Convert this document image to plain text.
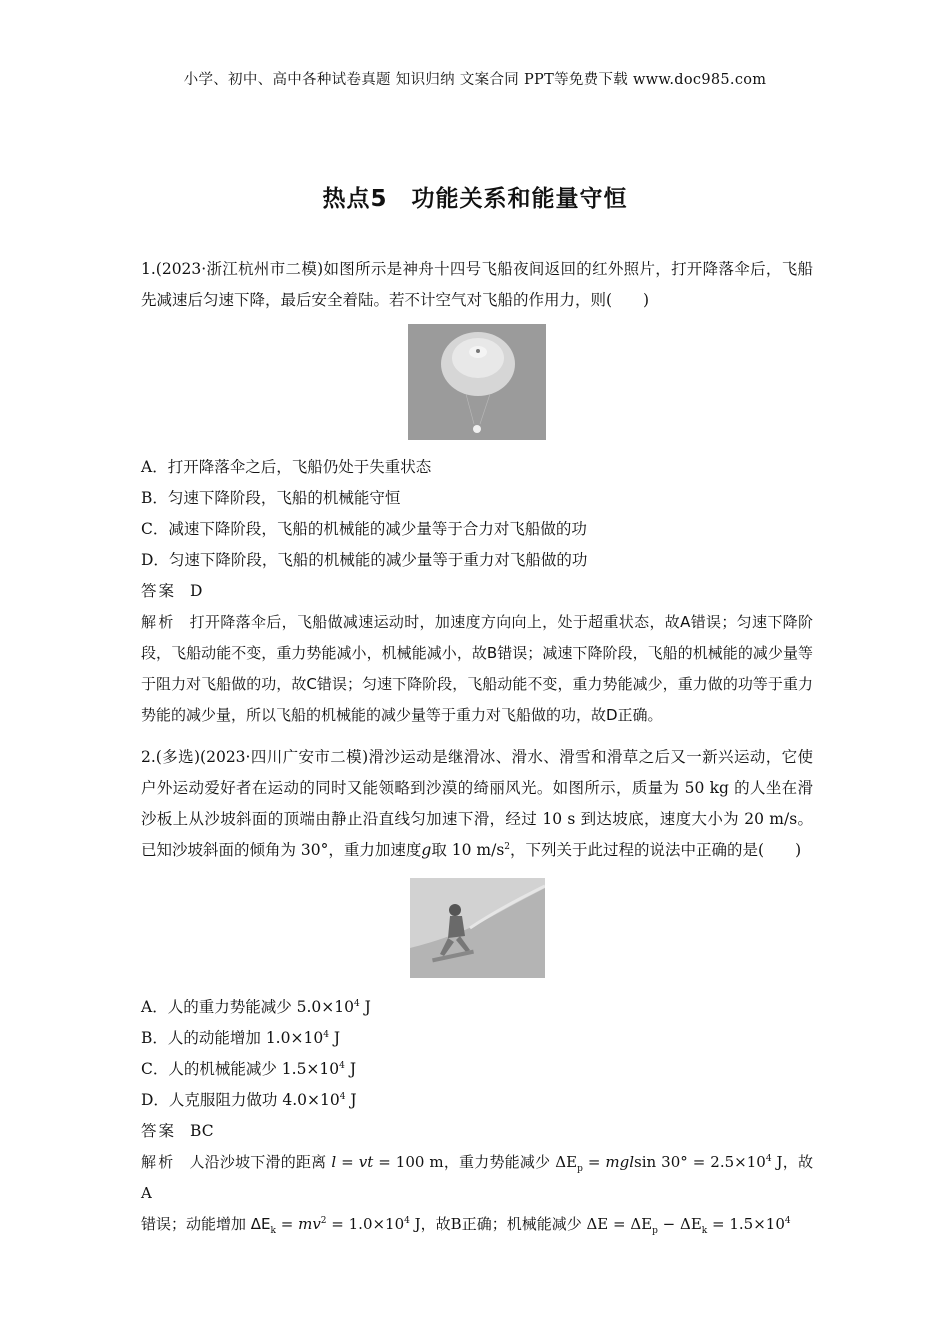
小学、初中、高中各种试卷真题 知识归纳 文案合同 PPT等免费下载 www.doc985.com
热点5　功能关系和能量守恒

1.(2023·浙江杭州市二模)如图所示是神舟十四号飞船夜间返回的红外照片，打开降落伞后，飞船先减速后匀速下降，最后安全着陆。若不计空气对飞船的作用力，则(　　)

A．打开降落伞之后，飞船仍处于失重状态

B．匀速下降阶段，飞船的机械能守恒

C．减速下降阶段，飞船的机械能的减少量等于合力对飞船做的功

D．匀速下降阶段，飞船的机械能的减少量等于重力对飞船做的功

答案 D

解析 打开降落伞后，飞船做减速运动时，加速度方向向上，处于超重状态，故A错误；匀速下降阶段，飞船动能不变，重力势能减小，机械能减小，故B错误；减速下降阶段，飞船的机械能的减少量等于阻力对飞船做的功，故C错误；匀速下降阶段，飞船动能不变，重力势能减少，重力做的功等于重力势能的减少量，所以飞船的机械能的减少量等于重力对飞船做的功，故D正确。

2.(多选)(2023·四川广安市二模)滑沙运动是继滑冰、滑水、滑雪和滑草之后又一新兴运动，它使户外运动爱好者在运动的同时又能领略到沙漠的绮丽风光。如图所示，质量为 50 kg 的人坐在滑沙板上从沙坡斜面的顶端由静止沿直线匀加速下滑，经过 10 s 到达坡底，速度大小为 20 m/s。已知沙坡斜面的倾角为 30°，重力加速度g取 10 $m/s^2$，下列关于此过程的说法中正确的是(　　)

A．人的重力势能减少 $5.0\times 10^4$ J

B．人的动能增加 $1.0\times 10^4$ J

C．人的机械能减少 $1.5\times 10^4$ J

D．人克服阻力做功 $4.0\times 10^4$ J

答案 BC

解析 人沿沙坡下滑的距离 l = vt = 100 m，重力势能减少 $\Delta E_p = mglsin$ $30^\circ = 2.5\times 10^4$ J，故A
错误；动能增加 $\Delta E_k = mv^2 = 1.0\times 10^4$ J，故B正确；机械能减少 $\Delta E = \Delta E_p - \Delta E_k = 1.5\times 10^4$
